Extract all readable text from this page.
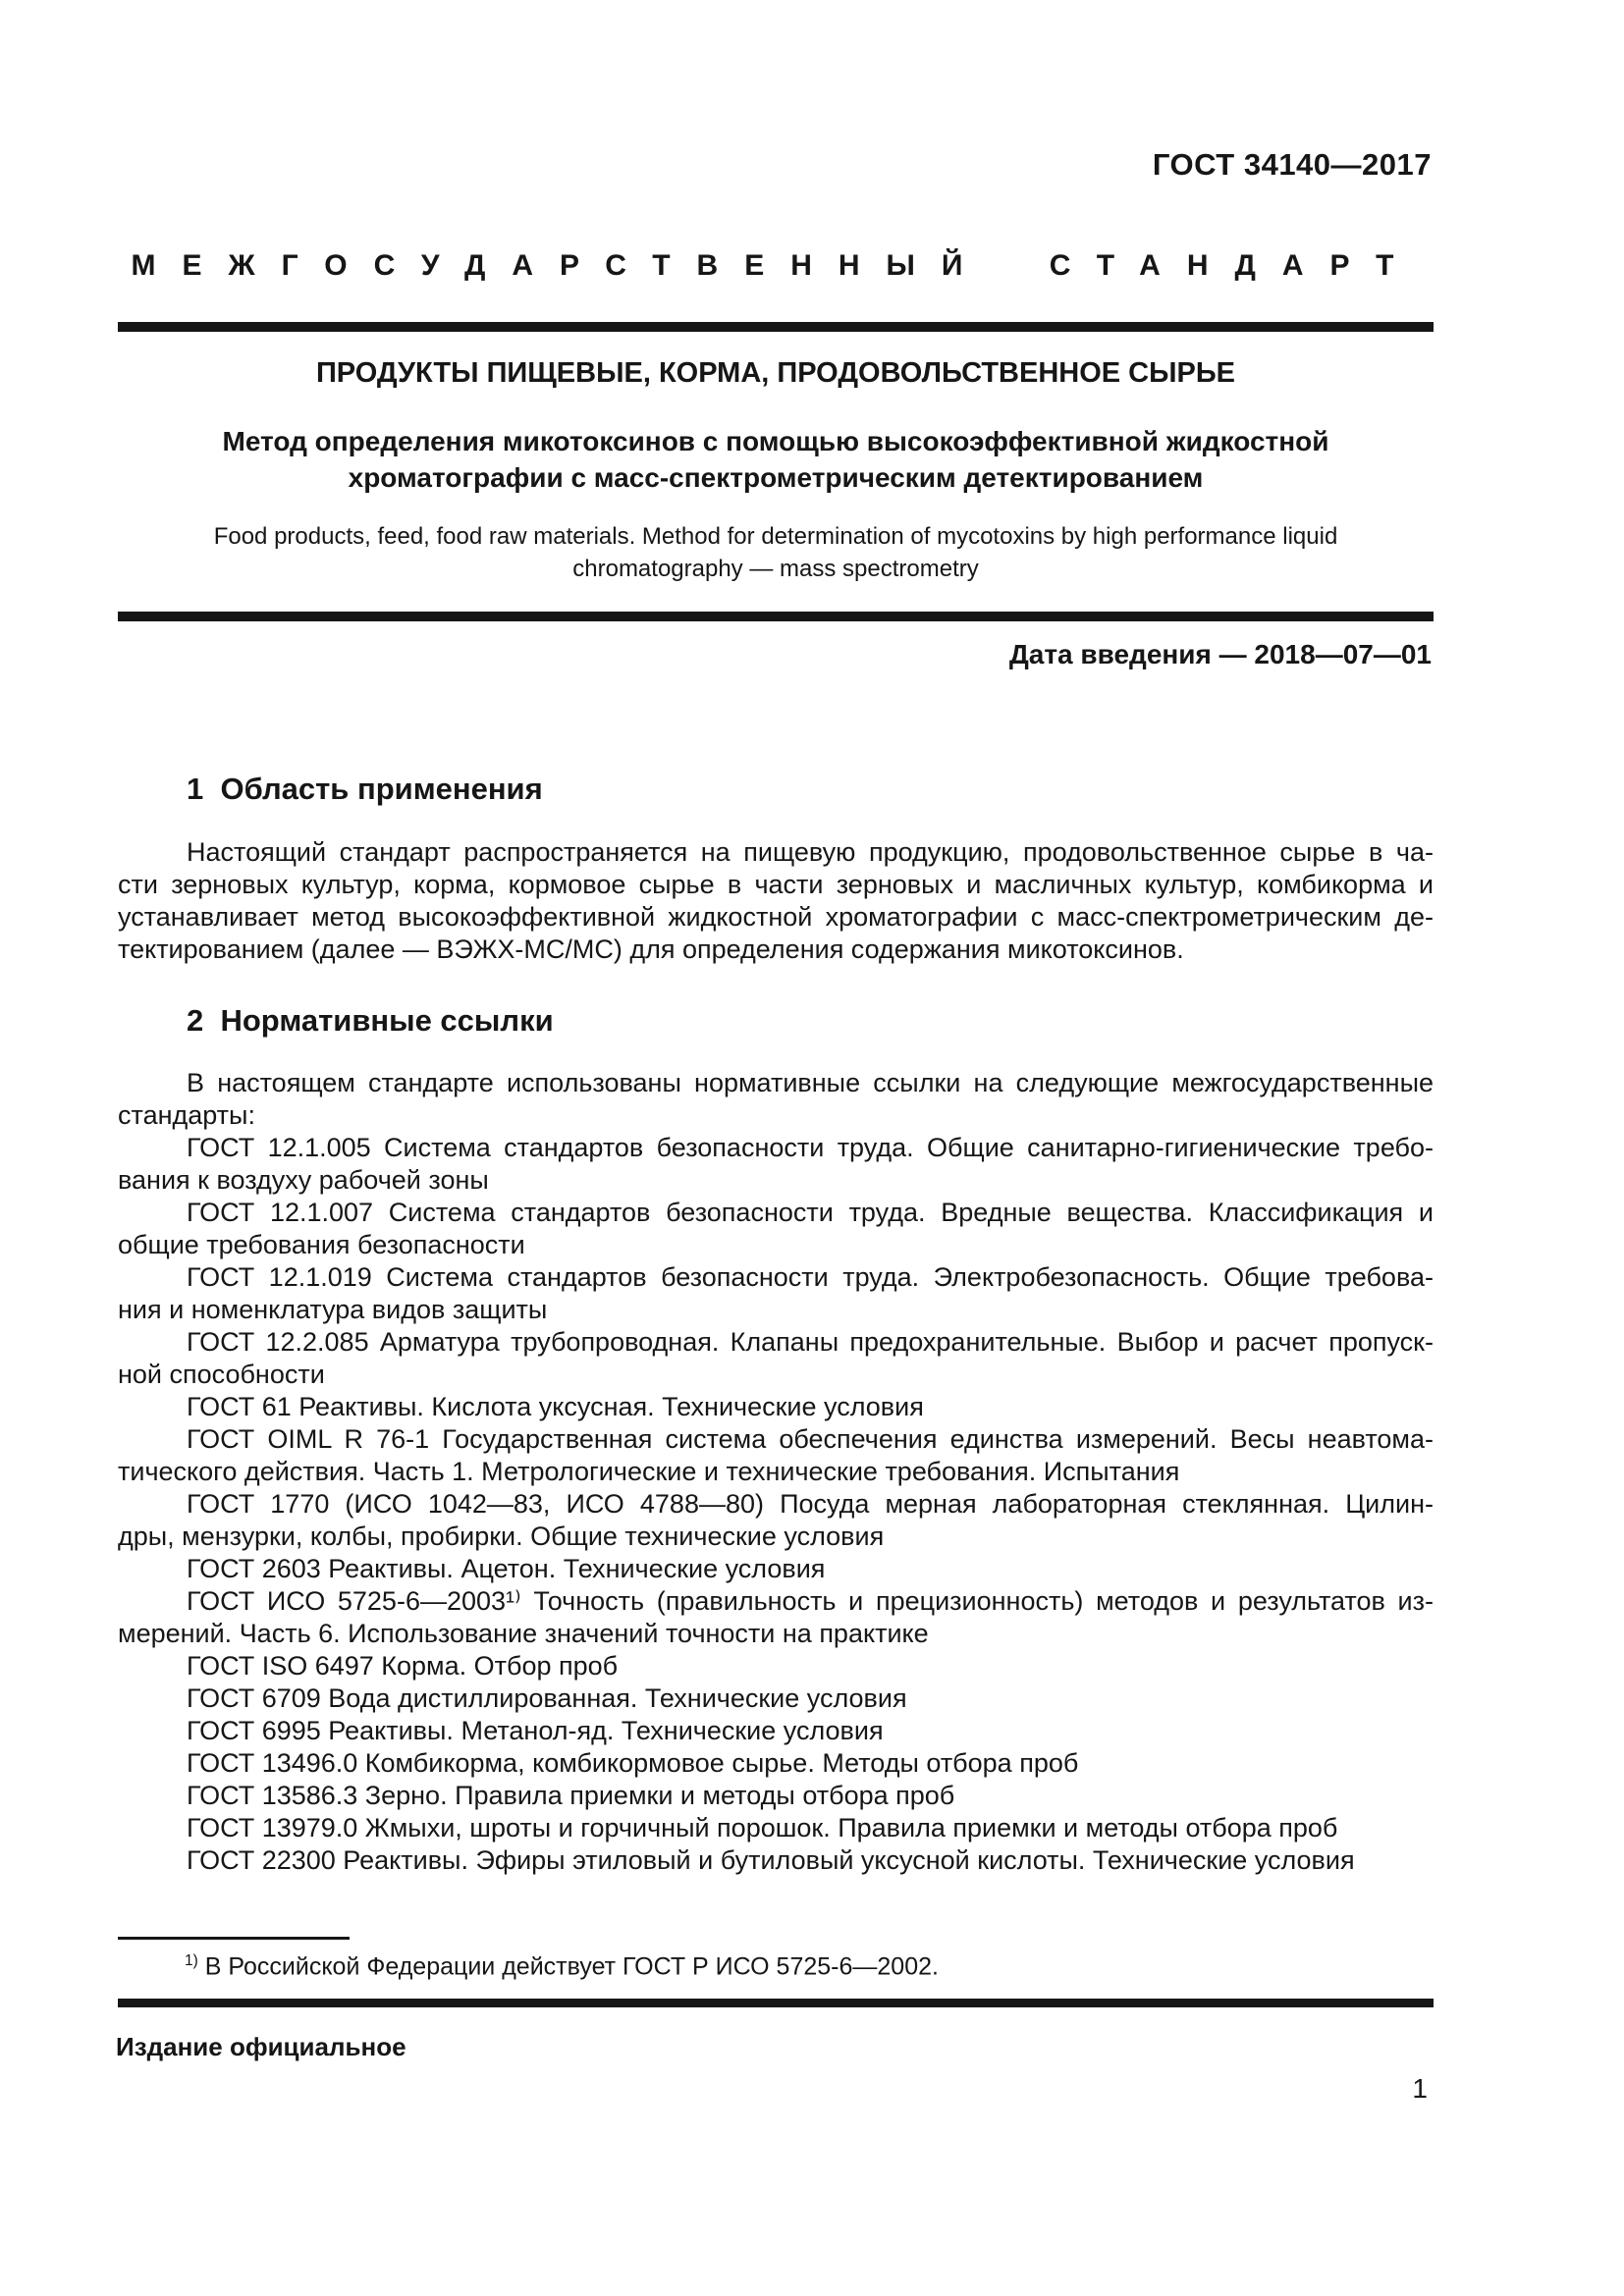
ГОСТ 34140—2017
МЕЖГОСУДАРСТВЕННЫЙ СТАНДАРТ
ПРОДУКТЫ ПИЩЕВЫЕ, КОРМА, ПРОДОВОЛЬСТВЕННОЕ СЫРЬЕ
Метод определения микотоксинов с помощью высокоэффективной жидкостной
хроматографии с масс-спектрометрическим детектированием
Food products, feed, food raw materials. Method for determination of mycotoxins by high performance liquid
chromatography — mass spectrometry
Дата введения — 2018—07—01
1  Область применения
Настоящий стандарт распространяется на пищевую продукцию, продовольственное сырье в ча-
сти зерновых культур, корма, кормовое сырье в части зерновых и масличных культур, комбикорма и
устанавливает метод высокоэффективной жидкостной хроматографии с масс-спектрометрическим де-
тектированием (далее — ВЭЖХ-МС/МС) для определения содержания микотоксинов.
2  Нормативные ссылки
В настоящем стандарте использованы нормативные ссылки на следующие межгосударственные
стандарты:
ГОСТ 12.1.005 Система стандартов безопасности труда. Общие санитарно-гигиенические требо-
вания к воздуху рабочей зоны
ГОСТ 12.1.007 Система стандартов безопасности труда. Вредные вещества. Классификация и
общие требования безопасности
ГОСТ 12.1.019 Система стандартов безопасности труда. Электробезопасность. Общие требова-
ния и номенклатура видов защиты
ГОСТ 12.2.085 Арматура трубопроводная. Клапаны предохранительные. Выбор и расчет пропуск-
ной способности
ГОСТ 61 Реактивы. Кислота уксусная. Технические условия
ГОСТ OIML R 76-1 Государственная система обеспечения единства измерений. Весы неавтома-
тического действия. Часть 1. Метрологические и технические требования. Испытания
ГОСТ 1770 (ИСО 1042—83, ИСО 4788—80) Посуда мерная лабораторная стеклянная. Цилин-
дры, мензурки, колбы, пробирки. Общие технические условия
ГОСТ 2603 Реактивы. Ацетон. Технические условия
ГОСТ ИСО 5725-6—2003¹⁾ Точность (правильность и прецизионность) методов и результатов из-
мерений. Часть 6. Использование значений точности на практике
ГОСТ ISO 6497 Корма. Отбор проб
ГОСТ 6709 Вода дистиллированная. Технические условия
ГОСТ 6995 Реактивы. Метанол-яд. Технические условия
ГОСТ 13496.0 Комбикорма, комбикормовое сырье. Методы отбора проб
ГОСТ 13586.3 Зерно. Правила приемки и методы отбора проб
ГОСТ 13979.0 Жмыхи, шроты и горчичный порошок. Правила приемки и методы отбора проб
ГОСТ 22300 Реактивы. Эфиры этиловый и бутиловый уксусной кислоты. Технические условия
$^{1)}$ В Российской Федерации действует ГОСТ Р ИСО 5725-6—2002.
Издание официальное
1
